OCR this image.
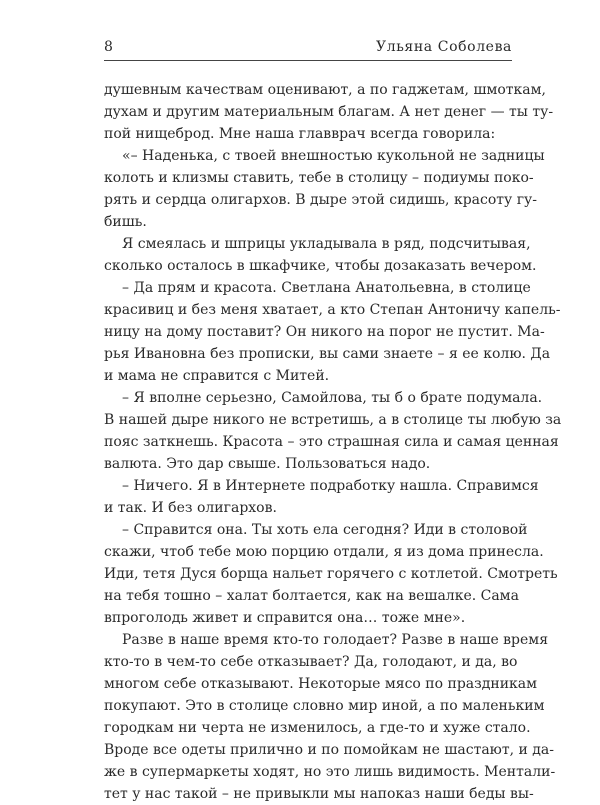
8	Ульяна Соболева
душевным качествам оценивают, а по гаджетам, шмоткам,
духам и другим материальным благам. А нет денег — ты ту-
пой нищеброд. Мне наша главврач всегда говорила:
«– Наденька, с твоей внешностью кукольной не задницы
колоть и клизмы ставить, тебе в столицу – подиумы поко-
рять и сердца олигархов. В дыре этой сидишь, красоту гу-
бишь.
Я смеялась и шприцы укладывала в ряд, подсчитывая,
сколько осталось в шкафчике, чтобы дозаказать вечером.
– Да прям и красота. Светлана Анатольевна, в столице
красивиц и без меня хватает, а кто Степан Антоничу капель-
ницу на дому поставит? Он никого на порог не пустит. Ма-
рья Ивановна без прописки, вы сами знаете – я ее колю. Да
и мама не справится с Митей.
– Я вполне серьезно, Самойлова, ты б о брате подумала.
В нашей дыре никого не встретишь, а в столице ты любую за
пояс заткнешь. Красота – это страшная сила и самая ценная
валюта. Это дар свыше. Пользоваться надо.
– Ничего. Я в Интернете подработку нашла. Справимся
и так. И без олигархов.
– Справится она. Ты хоть ела сегодня? Иди в столовой
скажи, чтоб тебе мою порцию отдали, я из дома принесла.
Иди, тетя Дуся борща нальет горячего с котлетой. Смотреть
на тебя тошно – халат болтается, как на вешалке. Сама
впроголодь живет и справится она… тоже мне».
Разве в наше время кто-то голодает? Разве в наше время
кто-то в чем-то себе отказывает? Да, голодают, и да, во
многом себе отказывают. Некоторые мясо по праздникам
покупают. Это в столице словно мир иной, а по маленьким
городкам ни черта не изменилось, а где-то и хуже стало.
Вроде все одеты прилично и по помойкам не шастают, и да-
же в супермаркеты ходят, но это лишь видимость. Ментали-
тет у нас такой – не привыкли мы напоказ наши беды вы-
